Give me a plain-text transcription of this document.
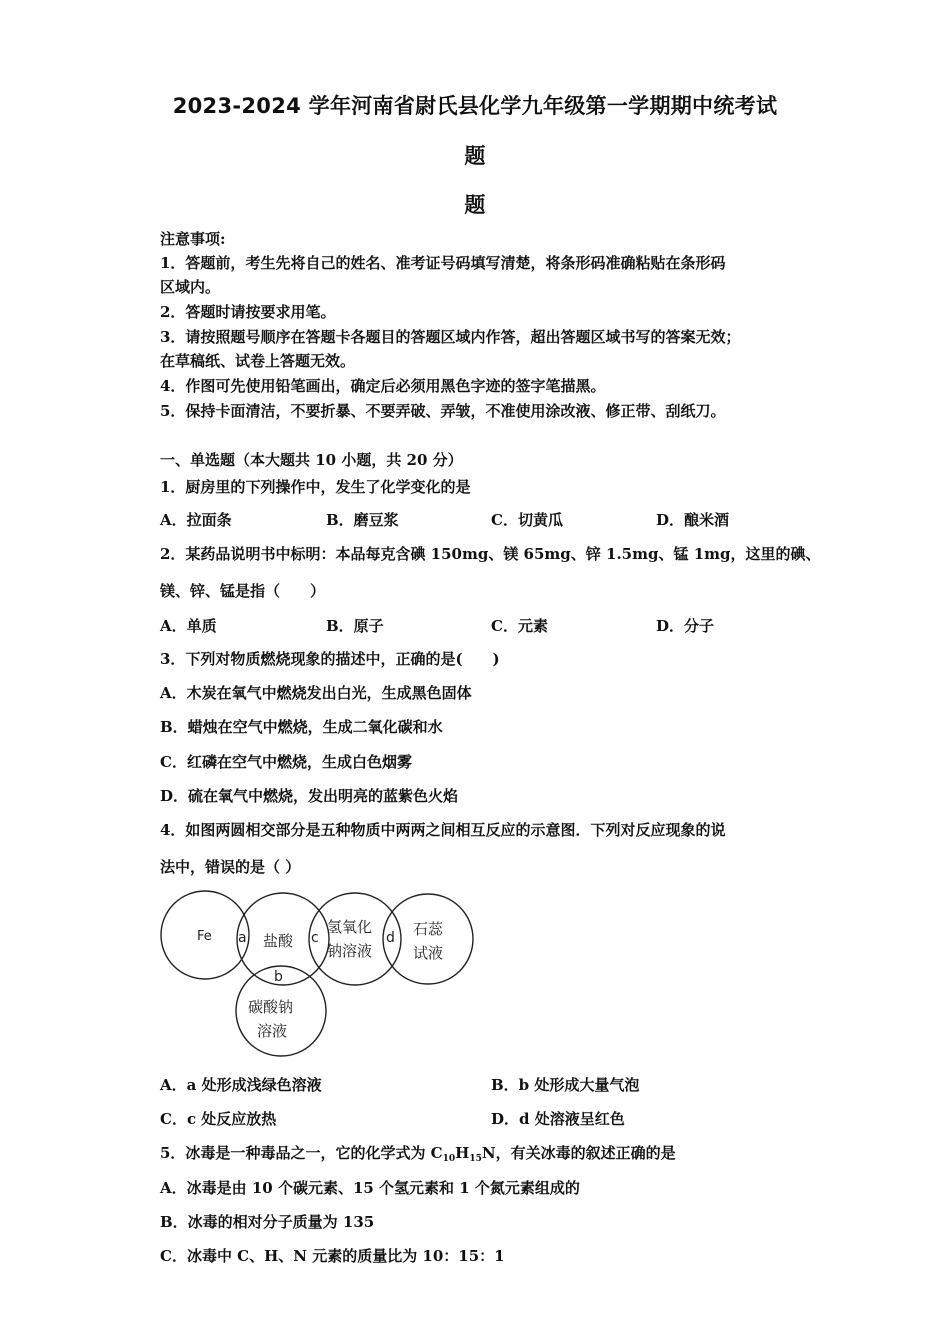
2023-2024 学年河南省尉氏县化学九年级第一学期期中统考试
题
题
注意事项:
1．答题前，考生先将自己的姓名、准考证号码填写清楚，将条形码准确粘贴在条形码
区域内。
2．答题时请按要求用笔。
3．请按照题号顺序在答题卡各题目的答题区域内作答，超出答题区域书写的答案无效；
在草稿纸、试卷上答题无效。
4．作图可先使用铅笔画出，确定后必须用黑色字迹的签字笔描黑。
5．保持卡面清洁，不要折暴、不要弄破、弄皱，不准使用涂改液、修正带、刮纸刀。
一、单选题（本大题共 10 小题，共 20 分）
1．厨房里的下列操作中，发生了化学变化的是
A．拉面条	B．磨豆浆	C．切黄瓜	D．酿米酒
2．某药品说明书中标明：本品每克含碘 150mg、镁 65mg、锌 1.5mg、锰 1mg，这里的碘、
镁、锌、锰是指（　　）
A．单质	B．原子	C．元素	D．分子
3．下列对物质燃烧现象的描述中，正确的是(　　)
A．木炭在氧气中燃烧发出白光，生成黑色固体
B．蜡烛在空气中燃烧，生成二氧化碳和水
C．红磷在空气中燃烧，生成白色烟雾
D．硫在氧气中燃烧，发出明亮的蓝紫色火焰
4．如图两圆相交部分是五种物质中两两之间相互反应的示意图．下列对反应现象的说
法中，错误的是（ ）
Fe	盐酸
氢氧化
钠溶液
石蕊
试液
碳酸钠
溶液
a	c	d
b
A．a 处形成浅绿色溶液	B．b 处形成大量气泡
C．c 处反应放热	D．d 处溶液呈红色
5．冰毒是一种毒品之一，它的化学式为 $C_{10}H_{15}N$，有关冰毒的叙述正确的是
A．冰毒是由 10 个碳元素、15 个氢元素和 1 个氮元素组成的
B．冰毒的相对分子质量为 135
C．冰毒中 C、H、N 元素的质量比为 10：15：1
